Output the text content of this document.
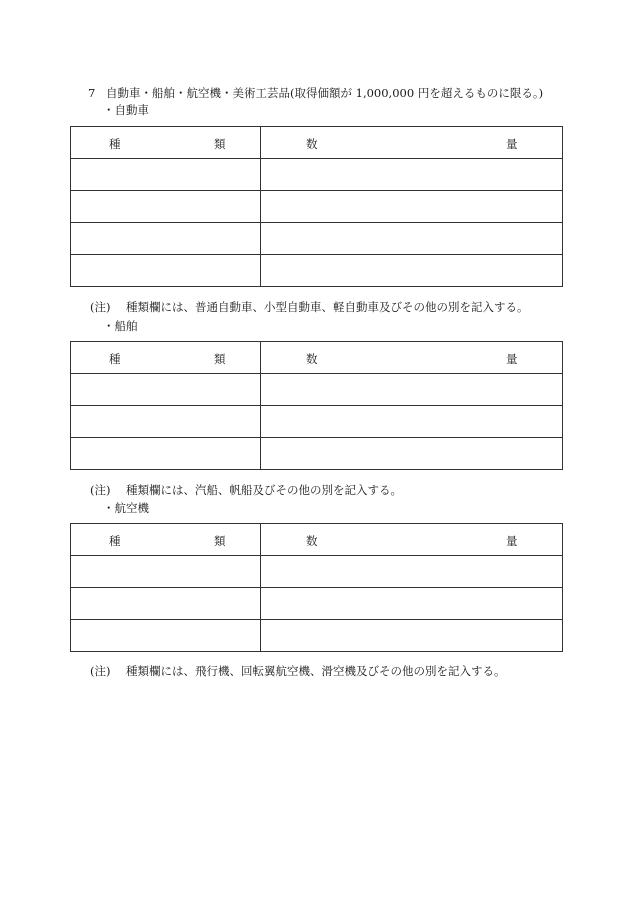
7 自動車・船舶・航空機・美術工芸品(取得価額が 1,000,000 円を超えるものに限る。)
・自動車
種 類	数 量

(注) 種類欄には、普通自動車、小型自動車、軽自動車及びその他の別を記入する。
・船舶
種 類	数 量

(注) 種類欄には、汽船、帆船及びその他の別を記入する。
・航空機
種 類	数 量

(注) 種類欄には、飛行機、回転翼航空機、滑空機及びその他の別を記入する。
